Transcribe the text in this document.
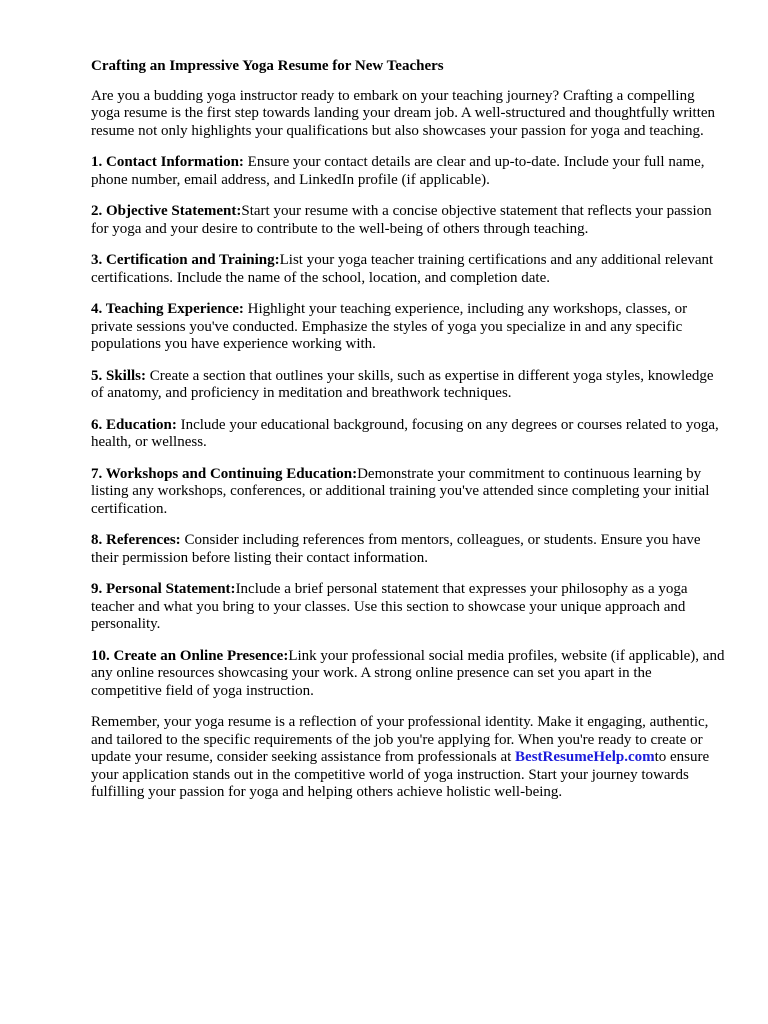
Crafting an Impressive Yoga Resume for New Teachers

Are you a budding yoga instructor ready to embark on your teaching journey? Crafting a compelling yoga resume is the first step towards landing your dream job. A well-structured and thoughtfully written resume not only highlights your qualifications but also showcases your passion for yoga and teaching.

1. Contact Information: Ensure your contact details are clear and up-to-date. Include your full name, phone number, email address, and LinkedIn profile (if applicable).

2. Objective Statement:Start your resume with a concise objective statement that reflects your passion for yoga and your desire to contribute to the well-being of others through teaching.

3. Certification and Training:List your yoga teacher training certifications and any additional relevant certifications. Include the name of the school, location, and completion date.

4. Teaching Experience: Highlight your teaching experience, including any workshops, classes, or private sessions you've conducted. Emphasize the styles of yoga you specialize in and any specific populations you have experience working with.

5. Skills: Create a section that outlines your skills, such as expertise in different yoga styles, knowledge of anatomy, and proficiency in meditation and breathwork techniques.

6. Education: Include your educational background, focusing on any degrees or courses related to yoga, health, or wellness.

7. Workshops and Continuing Education:Demonstrate your commitment to continuous learning by listing any workshops, conferences, or additional training you've attended since completing your initial certification.

8. References: Consider including references from mentors, colleagues, or students. Ensure you have their permission before listing their contact information.

9. Personal Statement:Include a brief personal statement that expresses your philosophy as a yoga teacher and what you bring to your classes. Use this section to showcase your unique approach and personality.

10. Create an Online Presence:Link your professional social media profiles, website (if applicable), and any online resources showcasing your work. A strong online presence can set you apart in the competitive field of yoga instruction.

Remember, your yoga resume is a reflection of your professional identity. Make it engaging, authentic, and tailored to the specific requirements of the job you're applying for. When you're ready to create or update your resume, consider seeking assistance from professionals at BestResumeHelp.comto ensure your application stands out in the competitive world of yoga instruction. Start your journey towards fulfilling your passion for yoga and helping others achieve holistic well-being.
